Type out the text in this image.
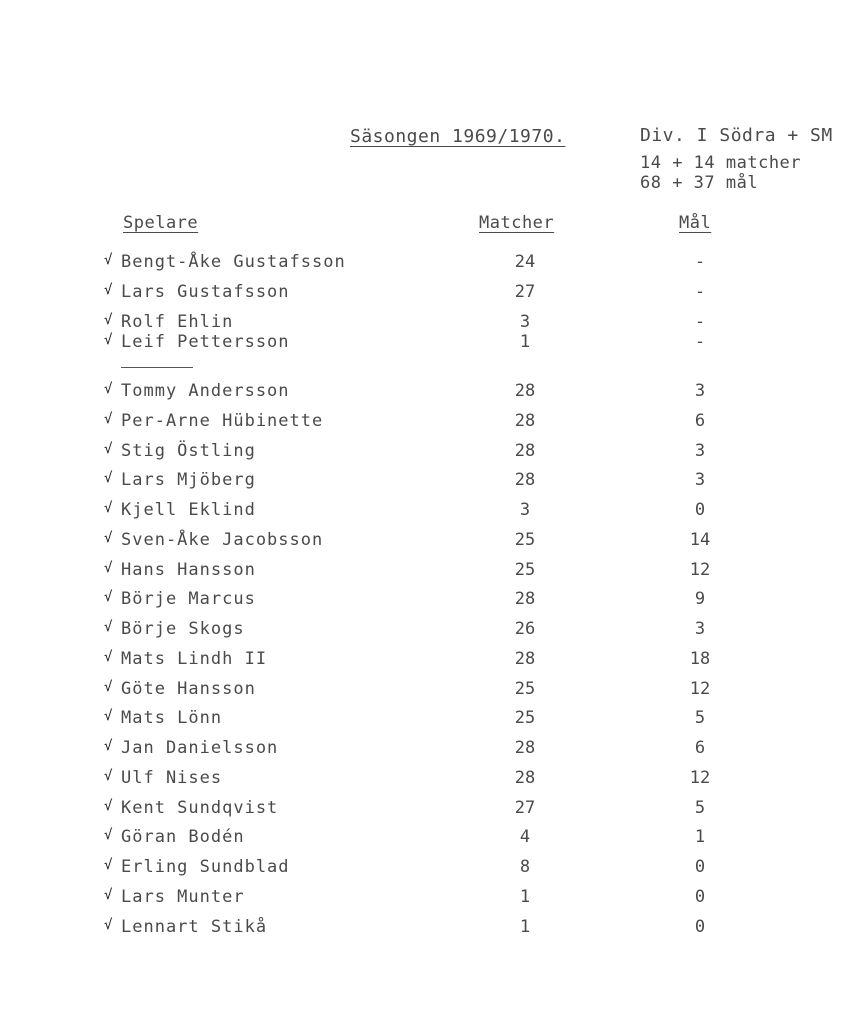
Säsongen 1969/1970.	Div. I Södra + SM
14 + 14 matcher
68 + 37 mål
Spelare	Matcher	Mål
√ Bengt-Åke Gustafsson	24	-
√ Lars Gustafsson	27	-
√ Rolf Ehlin	3	-
√ Leif Pettersson	1	-
√ Tommy Andersson	28	3
√ Per-Arne Hübinette	28	6
√ Stig Östling	28	3
√ Lars Mjöberg	28	3
√ Kjell Eklind	3	0
√ Sven-Åke Jacobsson	25	14
√ Hans Hansson	25	12
√ Börje Marcus	28	9
√ Börje Skogs	26	3
√ Mats Lindh II	28	18
√ Göte Hansson	25	12
√ Mats Lönn	25	5
√ Jan Danielsson	28	6
√ Ulf Nises	28	12
√ Kent Sundqvist	27	5
√ Göran Bodén	4	1
√ Erling Sundblad	8	0
√ Lars Munter	1	0
√ Lennart Stikå	1	0
